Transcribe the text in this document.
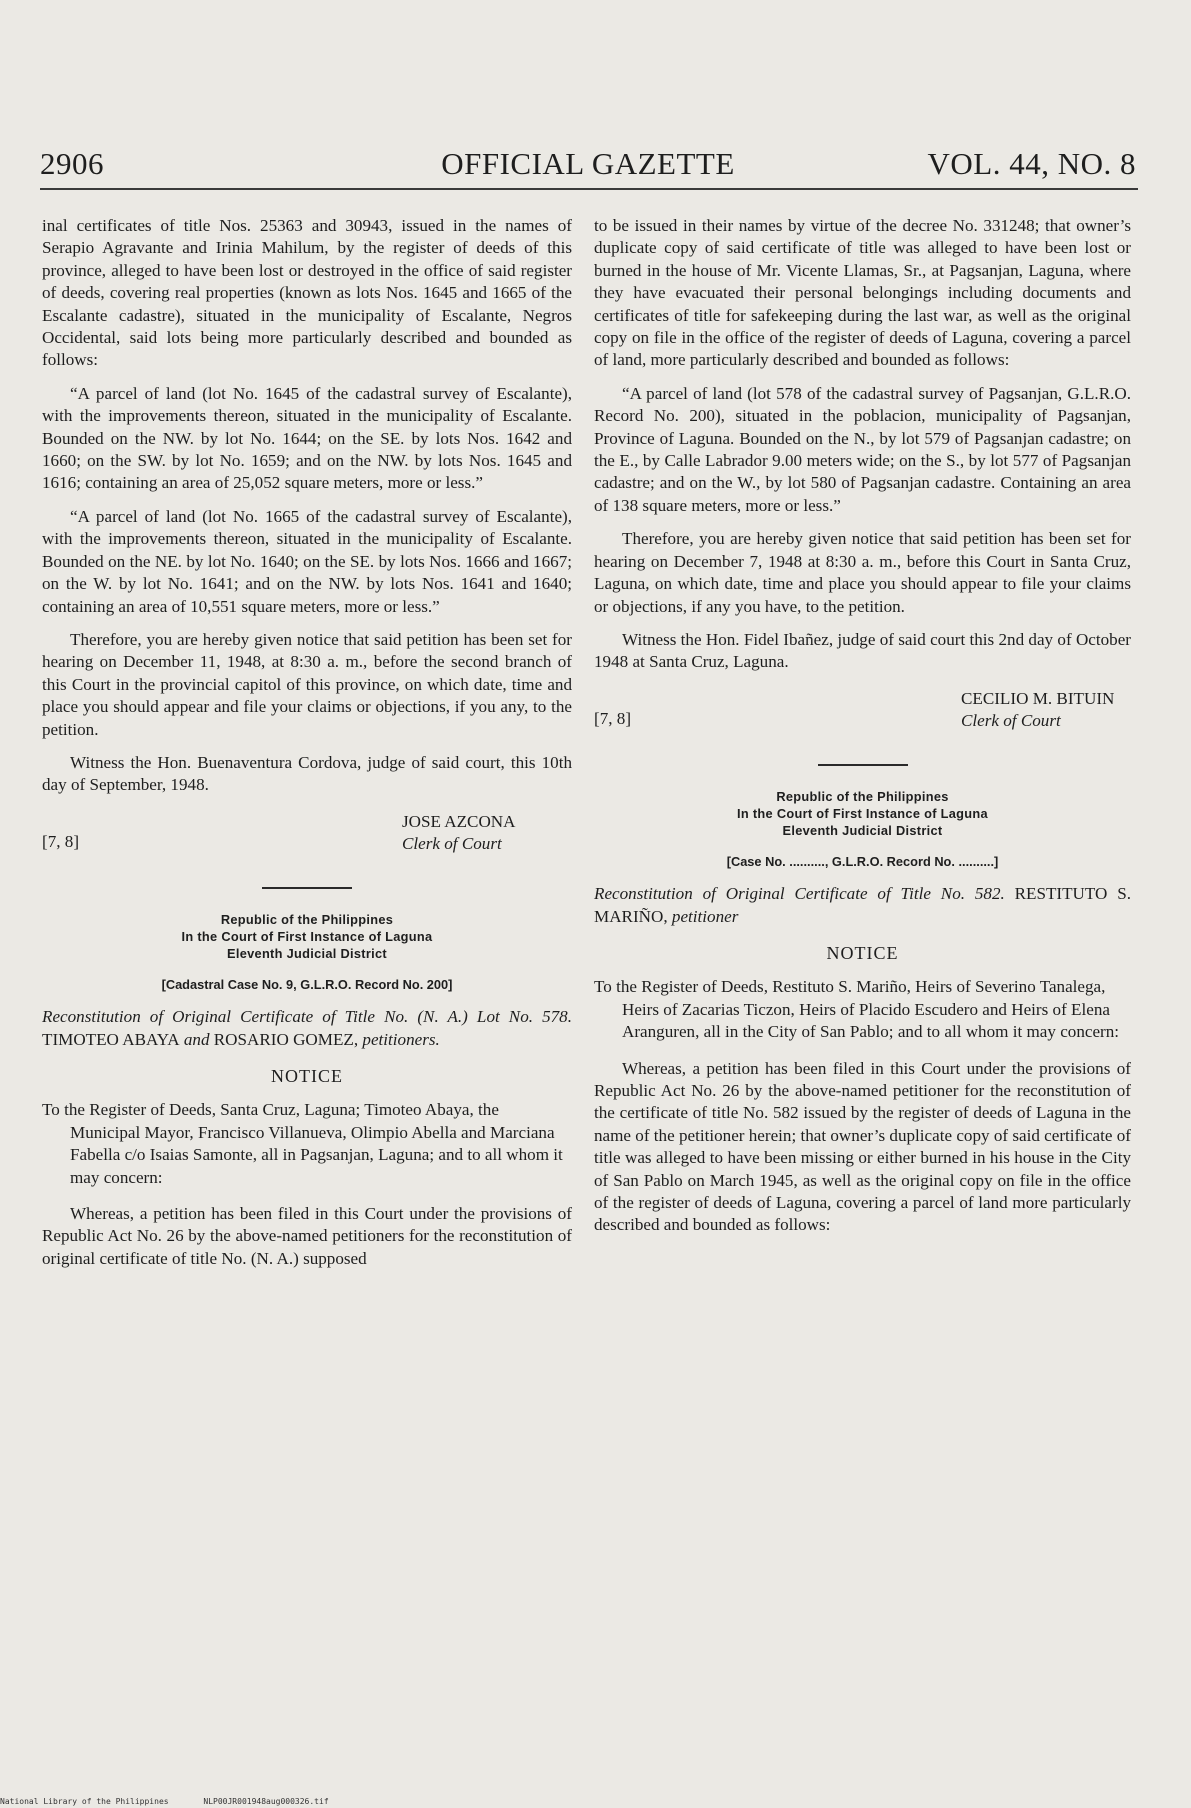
OFFICIAL GAZETTE
2906	VOL. 44, NO. 8

inal certificates of title Nos. 25363 and 30943, issued in the names of Serapio Agravante and Irinia Mahilum, by the register of deeds of this province, alleged to have been lost or destroyed in the office of said register of deeds, covering real properties (known as lots Nos. 1645 and 1665 of the Escalante cadastre), situated in the municipality of Escalante, Negros Occidental, said lots being more particularly described and bounded as follows:

“A parcel of land (lot No. 1645 of the cadastral survey of Escalante), with the improvements thereon, situated in the municipality of Escalante. Bounded on the NW. by lot No. 1644; on the SE. by lots Nos. 1642 and 1660; on the SW. by lot No. 1659; and on the NW. by lots Nos. 1645 and 1616; containing an area of 25,052 square meters, more or less.”

“A parcel of land (lot No. 1665 of the cadastral survey of Escalante), with the improvements thereon, situated in the municipality of Escalante. Bounded on the NE. by lot No. 1640; on the SE. by lots Nos. 1666 and 1667; on the W. by lot No. 1641; and on the NW. by lots Nos. 1641 and 1640; containing an area of 10,551 square meters, more or less.”

Therefore, you are hereby given notice that said petition has been set for hearing on December 11, 1948, at 8:30 a. m., before the second branch of this Court in the provincial capitol of this province, on which date, time and place you should appear and file your claims or objections, if you any, to the petition.

Witness the Hon. Buenaventura Cordova, judge of said court, this 10th day of September, 1948.

[7, 8]
JOSE AZCONA
Clerk of Court
Republic of the Philippines
In the Court of First Instance of Laguna
Eleventh Judicial District
[Cadastral Case No. 9, G.L.R.O. Record No. 200]

Reconstitution of Original Certificate of Title No. (N. A.) Lot No. 578. TIMOTEO ABAYA and ROSARIO GOMEZ, petitioners.

NOTICE

To the Register of Deeds, Santa Cruz, Laguna; Timoteo Abaya, the Municipal Mayor, Francisco Villanueva, Olimpio Abella and Marciana Fabella c/o Isaias Samonte, all in Pagsanjan, Laguna; and to all whom it may concern:

Whereas, a petition has been filed in this Court under the provisions of Republic Act No. 26 by the above-named petitioners for the reconstitution of original certificate of title No. (N. A.) supposed

to be issued in their names by virtue of the decree No. 331248; that owner’s duplicate copy of said certificate of title was alleged to have been lost or burned in the house of Mr. Vicente Llamas, Sr., at Pagsanjan, Laguna, where they have evacuated their personal belongings including documents and certificates of title for safekeeping during the last war, as well as the original copy on file in the office of the register of deeds of Laguna, covering a parcel of land, more particularly described and bounded as follows:

“A parcel of land (lot 578 of the cadastral survey of Pagsanjan, G.L.R.O. Record No. 200), situated in the poblacion, municipality of Pagsanjan, Province of Laguna. Bounded on the N., by lot 579 of Pagsanjan cadastre; on the E., by Calle Labrador 9.00 meters wide; on the S., by lot 577 of Pagsanjan cadastre; and on the W., by lot 580 of Pagsanjan cadastre. Containing an area of 138 square meters, more or less.”

Therefore, you are hereby given notice that said petition has been set for hearing on December 7, 1948 at 8:30 a. m., before this Court in Santa Cruz, Laguna, on which date, time and place you should appear to file your claims or objections, if any you have, to the petition.

Witness the Hon. Fidel Ibañez, judge of said court this 2nd day of October 1948 at Santa Cruz, Laguna.

[7, 8]
CECILIO M. BITUIN
Clerk of Court
Republic of the Philippines
In the Court of First Instance of Laguna
Eleventh Judicial District
[Case No. .........., G.L.R.O. Record No. ..........]

Reconstitution of Original Certificate of Title No. 582. RESTITUTO S. MARIÑO, petitioner

NOTICE

To the Register of Deeds, Restituto S. Mariño, Heirs of Severino Tanalega, Heirs of Zacarias Ticzon, Heirs of Placido Escudero and Heirs of Elena Aranguren, all in the City of San Pablo; and to all whom it may concern:

Whereas, a petition has been filed in this Court under the provisions of Republic Act No. 26 by the above-named petitioner for the reconstitution of the certificate of title No. 582 issued by the register of deeds of Laguna in the name of the petitioner herein; that owner’s duplicate copy of said certificate of title was alleged to have been missing or either burned in his house in the City of San Pablo on March 1945, as well as the original copy on file in the office of the register of deeds of Laguna, covering a parcel of land more particularly described and bounded as follows:

National Library of the Philippines	NLP00JR001948aug000326.tif
